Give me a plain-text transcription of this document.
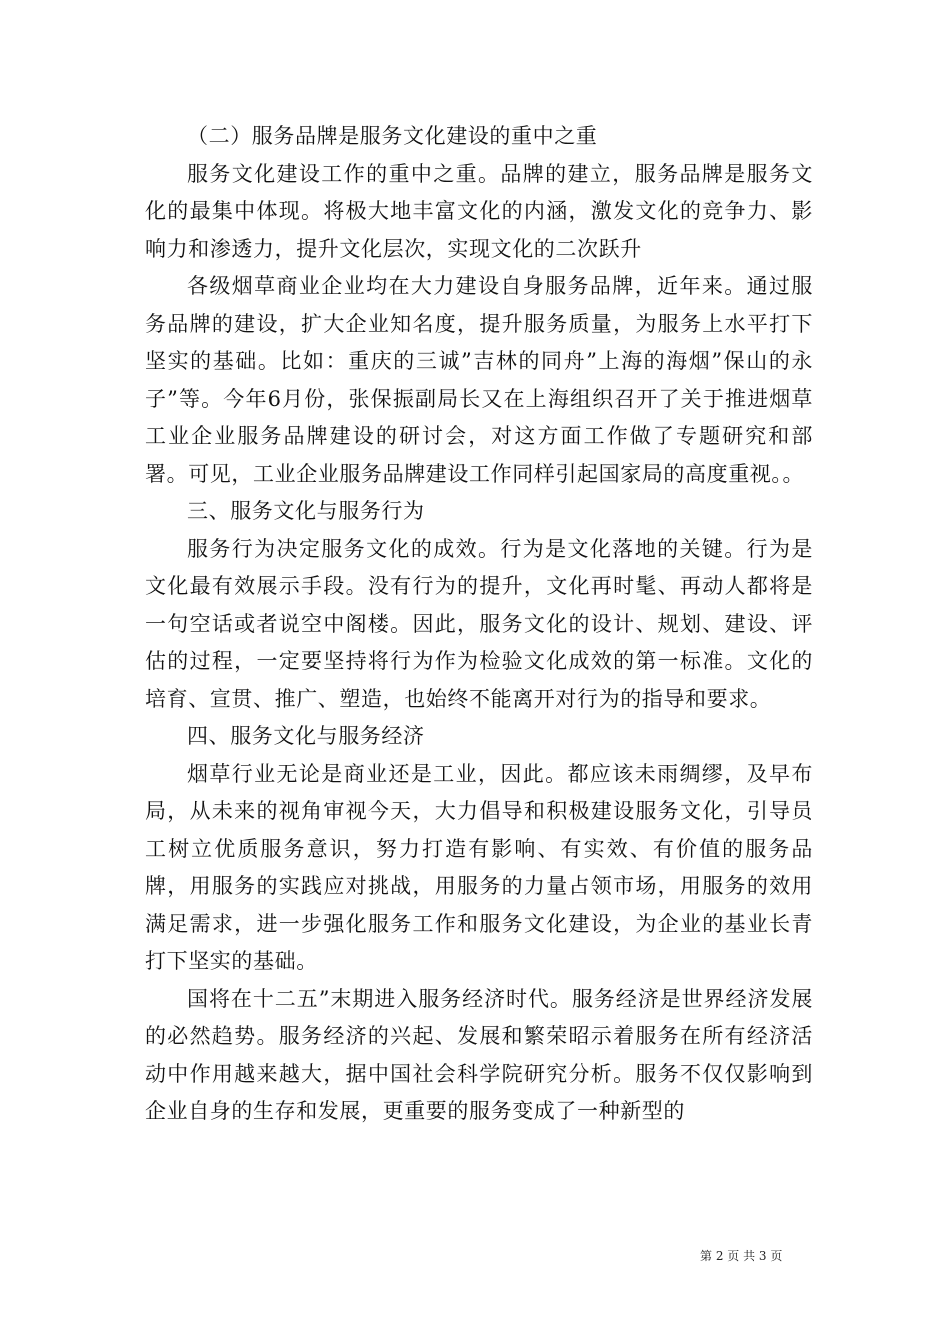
（二）服务品牌是服务文化建设的重中之重

服务文化建设工作的重中之重。品牌的建立，服务品牌是服务文化的最集中体现。将极大地丰富文化的内涵，激发文化的竞争力、影响力和渗透力，提升文化层次，实现文化的二次跃升

各级烟草商业企业均在大力建设自身服务品牌，近年来。通过服务品牌的建设，扩大企业知名度，提升服务质量，为服务上水平打下坚实的基础。比如：重庆的三诚”吉林的同舟”上海的海烟”保山的永子”等。今年6月份，张保振副局长又在上海组织召开了关于推进烟草工业企业服务品牌建设的研讨会，对这方面工作做了专题研究和部署。可见，工业企业服务品牌建设工作同样引起国家局的高度重视。。

三、服务文化与服务行为

服务行为决定服务文化的成效。行为是文化落地的关键。行为是文化最有效展示手段。没有行为的提升，文化再时髦、再动人都将是一句空话或者说空中阁楼。因此，服务文化的设计、规划、建设、评估的过程，一定要坚持将行为作为检验文化成效的第一标准。文化的培育、宣贯、推广、塑造，也始终不能离开对行为的指导和要求。

四、服务文化与服务经济

烟草行业无论是商业还是工业，因此。都应该未雨绸缪，及早布局，从未来的视角审视今天，大力倡导和积极建设服务文化，引导员工树立优质服务意识，努力打造有影响、有实效、有价值的服务品牌，用服务的实践应对挑战，用服务的力量占领市场，用服务的效用满足需求，进一步强化服务工作和服务文化建设，为企业的基业长青打下坚实的基础。

国将在十二五”末期进入服务经济时代。服务经济是世界经济发展的必然趋势。服务经济的兴起、发展和繁荣昭示着服务在所有经济活动中作用越来越大，据中国社会科学院研究分析。服务不仅仅影响到企业自身的生存和发展，更重要的服务变成了一种新型的

第 2 页 共 3 页
